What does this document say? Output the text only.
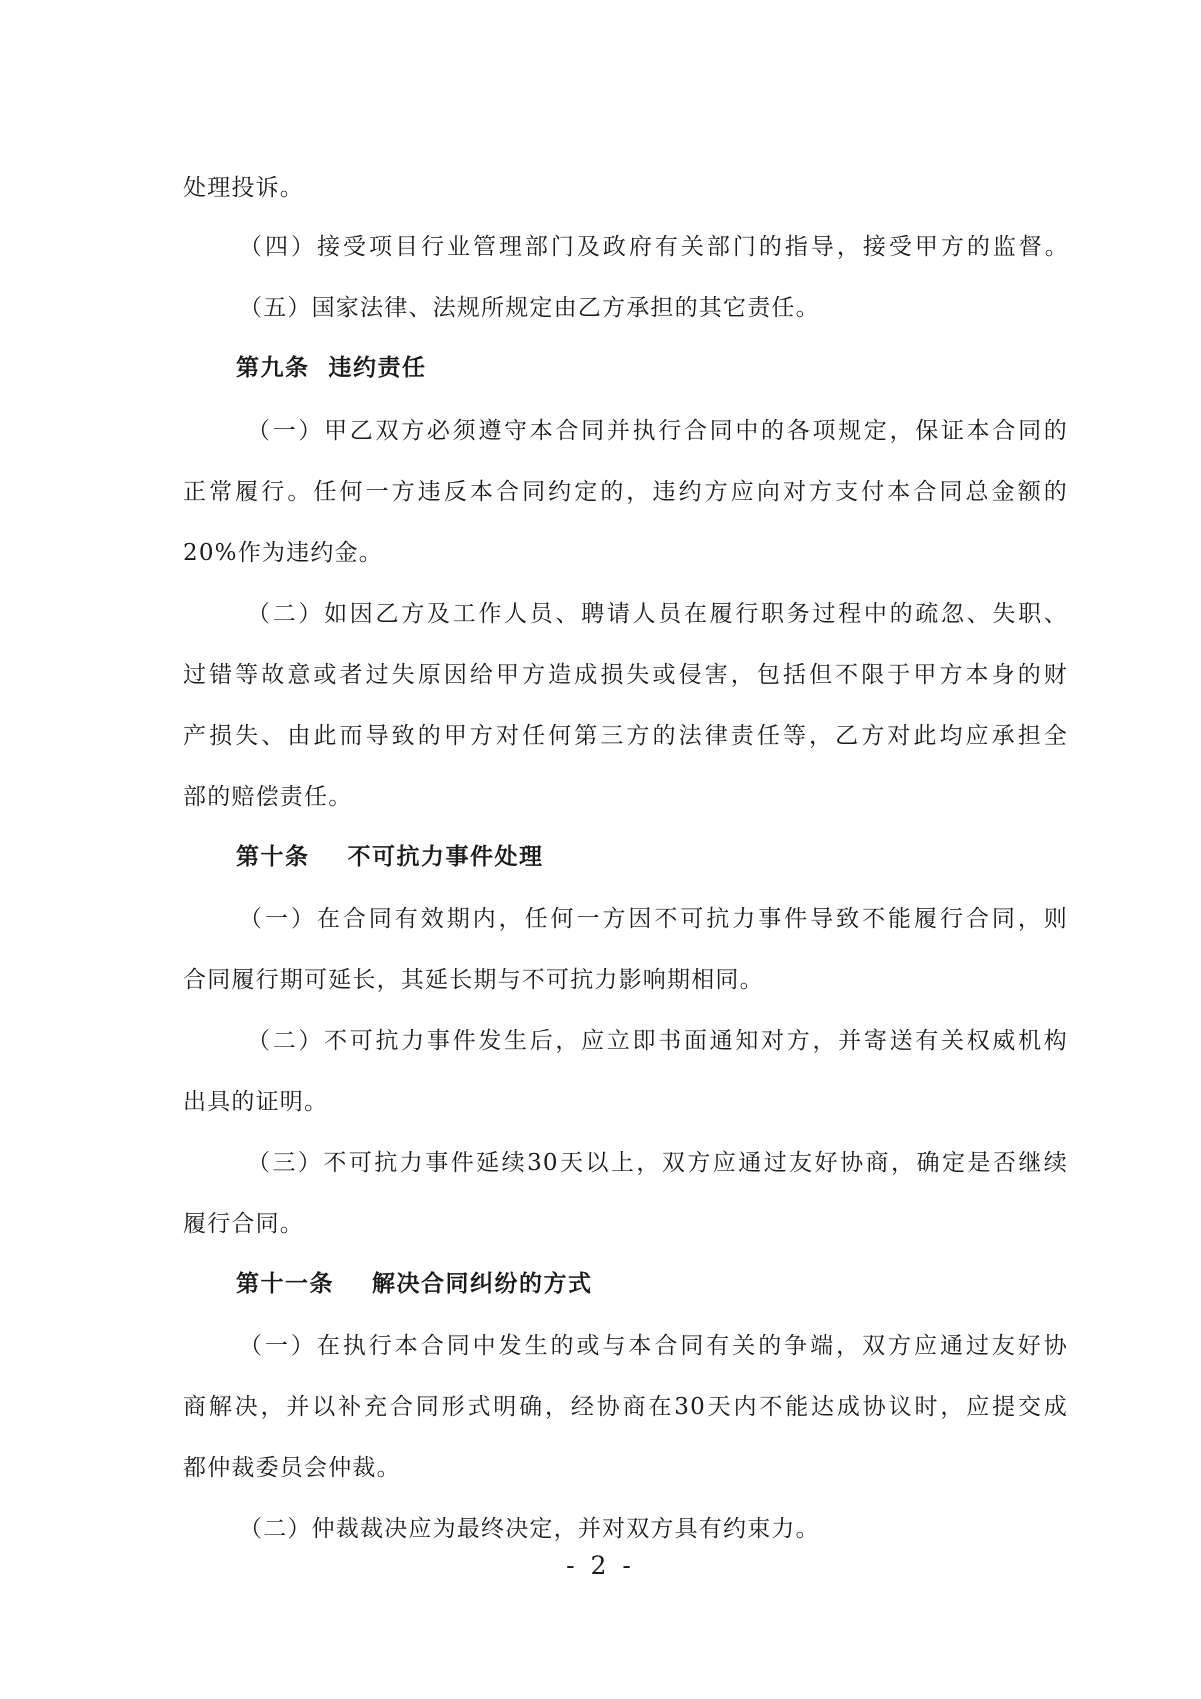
处理投诉。

（四）接受项目行业管理部门及政府有关部门的指导，接受甲方的监督。

（五）国家法律、法规所规定由乙方承担的其它责任。

第九条  违约责任

（一）甲乙双方必须遵守本合同并执行合同中的各项规定，保证本合同的

正常履行。任何一方违反本合同约定的，违约方应向对方支付本合同总金额的

20%作为违约金。

（二）如因乙方及工作人员、聘请人员在履行职务过程中的疏忽、失职、

过错等故意或者过失原因给甲方造成损失或侵害，包括但不限于甲方本身的财

产损失、由此而导致的甲方对任何第三方的法律责任等，乙方对此均应承担全

部的赔偿责任。

第十条    不可抗力事件处理

（一）在合同有效期内，任何一方因不可抗力事件导致不能履行合同，则

合同履行期可延长，其延长期与不可抗力影响期相同。

（二）不可抗力事件发生后，应立即书面通知对方，并寄送有关权威机构

出具的证明。

（三）不可抗力事件延续30天以上，双方应通过友好协商，确定是否继续

履行合同。

第十一条    解决合同纠纷的方式

（一）在执行本合同中发生的或与本合同有关的争端，双方应通过友好协

商解决，并以补充合同形式明确，经协商在30天内不能达成协议时，应提交成

都仲裁委员会仲裁。

（二）仲裁裁决应为最终决定，并对双方具有约束力。

- 2 -
